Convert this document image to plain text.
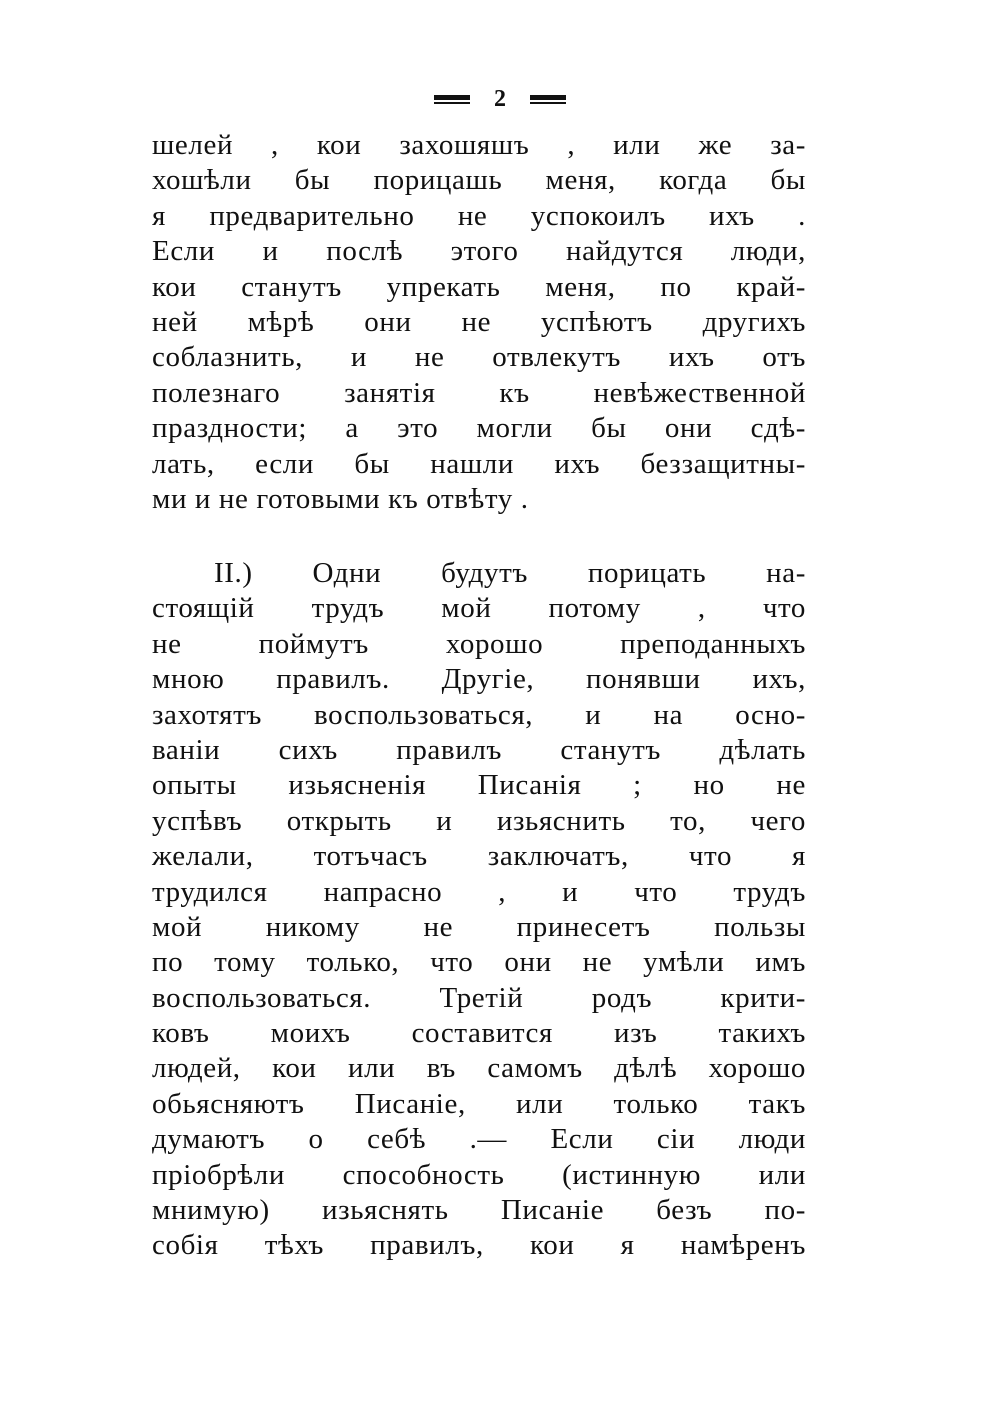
2
шелей , кои захошяшъ , или же за-
хошѣли бы порицашь меня, когда бы
я предварительно не успокоилъ ихъ .
Если и послѣ этого найдутся люди,
кои станутъ упрекать меня, по край-
ней мѣрѣ они не успѣютъ другихъ
соблазнить, и не отвлекутъ ихъ отъ
полезнаго занятія къ невѣжественной
праздности; а это могли бы они сдѣ-
лать, если бы нашли ихъ беззащитны-
ми и не готовыми къ отвѣту .
II.) Одни будутъ порицать на-
стоящій трудъ мой потому , что
не поймутъ хорошо преподанныхъ
мною правилъ. Другіе, понявши ихъ,
захотятъ воспользоваться, и на осно-
ваніи сихъ правилъ станутъ дѣлать
опыты изьясненія Писанія ; но не
успѣвъ открыть и изьяснить то, чего
желали, тотъчасъ заключатъ, что я
трудился напрасно , и что трудъ
мой никому не принесетъ пользы
по тому только, что они не умѣли имъ
воспользоваться. Третій родъ крити-
ковъ моихъ составится изъ такихъ
людей, кои или въ самомъ дѣлѣ хорошо
обьясняютъ Писаніе, или только такъ
думаютъ о себѣ .— Если сіи люди
пріобрѣли способность (истинную или
мнимую) изьяснять Писаніе безъ по-
собія тѣхъ правилъ, кои я намѣренъ
